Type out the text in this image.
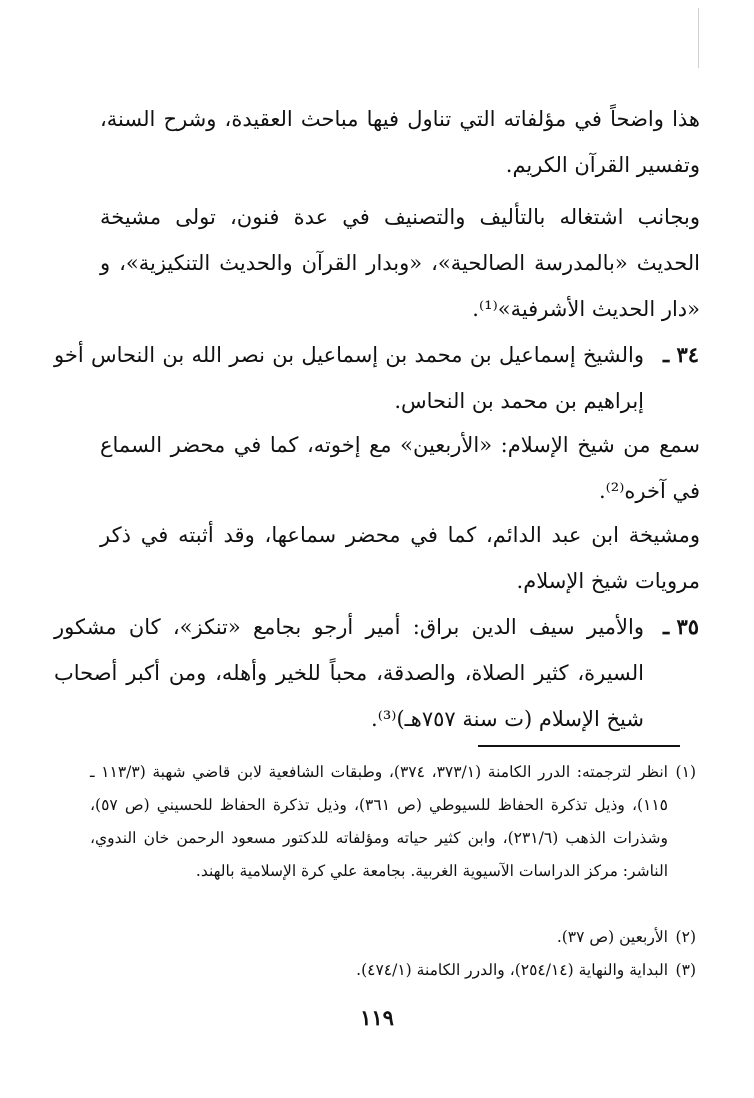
هذا واضحاً في مؤلفاته التي تناول فيها مباحث العقيدة، وشرح السنة، وتفسير القرآن الكريم.
وبجانب اشتغاله بالتأليف والتصنيف في عدة فنون، تولى مشيخة الحديث «بالمدرسة الصالحية»، «وبدار القرآن والحديث التنكيزية»، و «دار الحديث الأشرفية»⁽¹⁾.
٣٤ ـ
والشيخ إسماعيل بن محمد بن إسماعيل بن نصر الله بن النحاس أخو إبراهيم بن محمد بن النحاس.
سمع من شيخ الإسلام: «الأربعين» مع إخوته، كما في محضر السماع في آخره⁽²⁾.
ومشيخة ابن عبد الدائم، كما في محضر سماعها، وقد أثبته في ذكر مرويات شيخ الإسلام.
٣٥ ـ
والأمير سيف الدين براق: أمير أرجو بجامع «تنكز»، كان مشكور السيرة، كثير الصلاة، والصدقة، محباً للخير وأهله، ومن أكبر أصحاب شيخ الإسلام (ت سنة ٧٥٧هـ)⁽³⁾.
(١)
انظر لترجمته: الدرر الكامنة (٣٧٣/١، ٣٧٤)، وطبقات الشافعية لابن قاضي شهبة (١١٣/٣ ـ ١١٥)، وذيل تذكرة الحفاظ للسيوطي (ص ٣٦١)، وذيل تذكرة الحفاظ للحسيني (ص ٥٧)، وشذرات الذهب (٢٣١/٦)، وابن كثير حياته ومؤلفاته للدكتور مسعود الرحمن خان الندوي، الناشر: مركز الدراسات الآسيوية الغربية. بجامعة علي كرة الإسلامية بالهند.
(٢)
الأربعين (ص ٣٧).
(٣)
البداية والنهاية (٢٥٤/١٤)، والدرر الكامنة (٤٧٤/١).
١١٩
